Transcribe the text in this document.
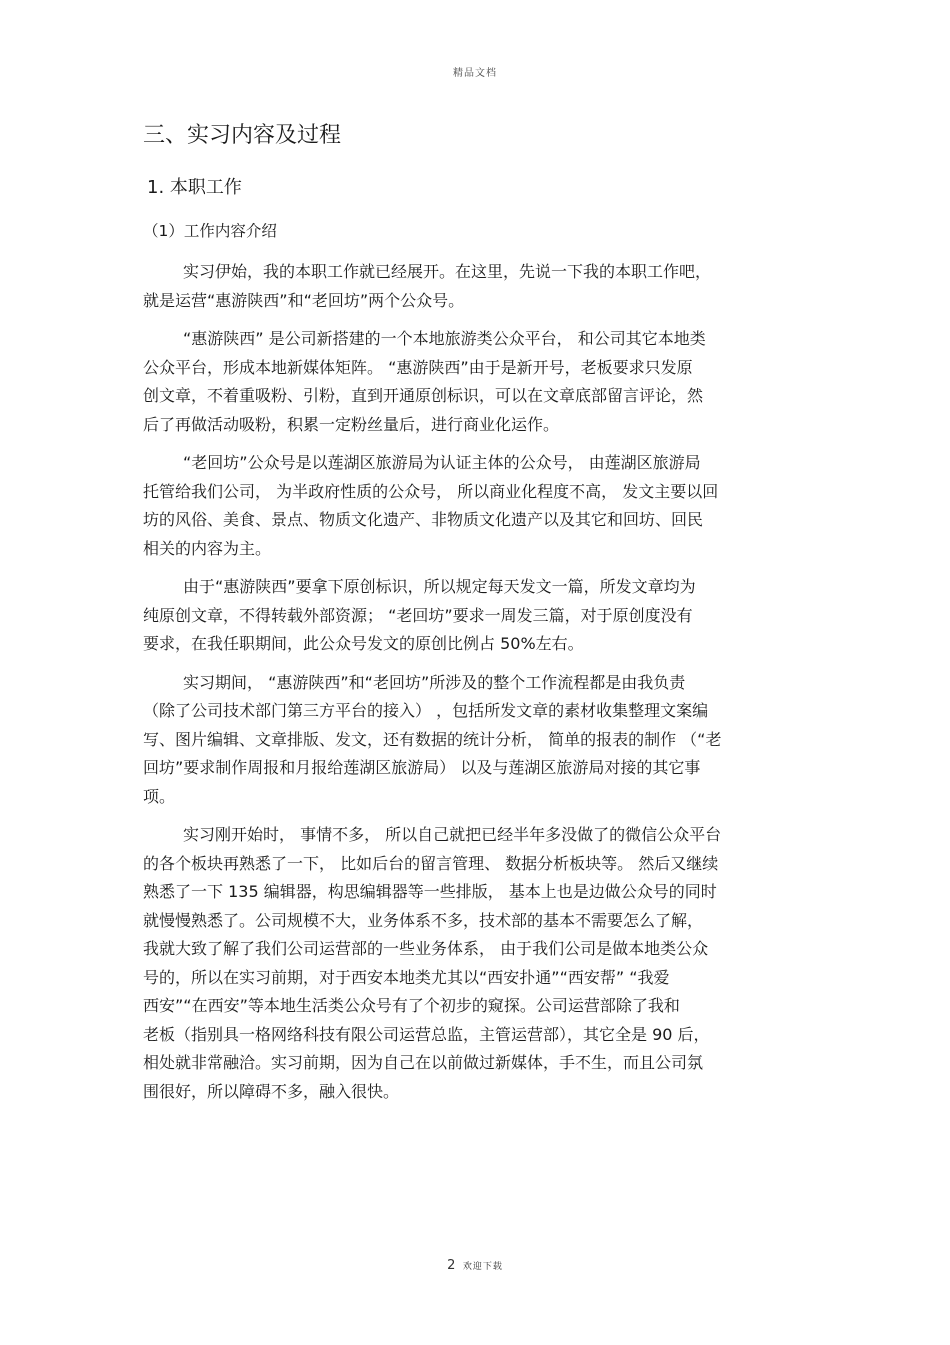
精品文档
三、实习内容及过程
1. 本职工作
（1）工作内容介绍
实习伊始，我的本职工作就已经展开。在这里，先说一下我的本职工作吧，
就是运营“惠游陕西”和“老回坊”两个公众号。
“惠游陕西” 是公司新搭建的一个本地旅游类公众平台， 和公司其它本地类
公众平台，形成本地新媒体矩阵。 “惠游陕西”由于是新开号，老板要求只发原
创文章，不着重吸粉、引粉，直到开通原创标识，可以在文章底部留言评论，然
后了再做活动吸粉，积累一定粉丝量后，进行商业化运作。
“老回坊”公众号是以莲湖区旅游局为认证主体的公众号， 由莲湖区旅游局
托管给我们公司， 为半政府性质的公众号， 所以商业化程度不高， 发文主要以回
坊的风俗、美食、景点、物质文化遗产、非物质文化遗产以及其它和回坊、回民
相关的内容为主。
由于“惠游陕西”要拿下原创标识，所以规定每天发文一篇，所发文章均为
纯原创文章，不得转载外部资源； “老回坊”要求一周发三篇，对于原创度没有
要求，在我任职期间，此公众号发文的原创比例占 50%左右。
实习期间， “惠游陕西”和“老回坊”所涉及的整个工作流程都是由我负责
（除了公司技术部门第三方平台的接入） ，包括所发文章的素材收集整理文案编
写、图片编辑、文章排版、发文，还有数据的统计分析， 简单的报表的制作 （“老
回坊”要求制作周报和月报给莲湖区旅游局） 以及与莲湖区旅游局对接的其它事
项。
实习刚开始时， 事情不多， 所以自己就把已经半年多没做了的微信公众平台
的各个板块再熟悉了一下， 比如后台的留言管理、 数据分析板块等。 然后又继续
熟悉了一下 135 编辑器，构思编辑器等一些排版， 基本上也是边做公众号的同时
就慢慢熟悉了。公司规模不大，业务体系不多，技术部的基本不需要怎么了解，
我就大致了解了我们公司运营部的一些业务体系， 由于我们公司是做本地类公众
号的，所以在实习前期，对于西安本地类尤其以“西安扑通”“西安帮” “我爱
西安”“在西安”等本地生活类公众号有了个初步的窥探。公司运营部除了我和
老板（指别具一格网络科技有限公司运营总监，主管运营部），其它全是 90 后，
相处就非常融洽。实习前期，因为自己在以前做过新媒体，手不生，而且公司氛
围很好，所以障碍不多，融入很快。
2 欢迎下载
